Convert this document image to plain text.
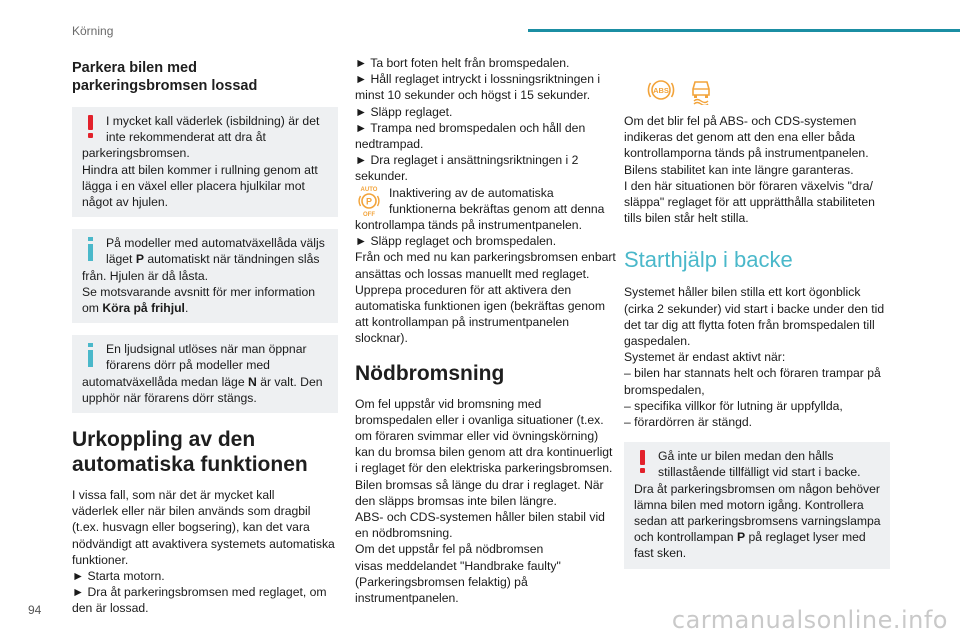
Körning
Parkera bilen med
parkeringsbromsen lossad
I mycket kall väderlek (isbildning) är det
inte rekommenderat att dra åt
parkeringsbromsen.
Hindra att bilen kommer i rullning genom att
lägga i en växel eller placera hjulkilar mot
något av hjulen.
På modeller med automatväxellåda väljs
läget P automatiskt när tändningen slås
från. Hjulen är då låsta.
Se motsvarande avsnitt för mer information
om Köra på frihjul.
En ljudsignal utlöses när man öppnar
förarens dörr på modeller med
automatväxellåda medan läge N är valt. Den
upphör när förarens dörr stängs.
Urkoppling av den
automatiska funktionen
I vissa fall, som när det är mycket kall
väderlek eller när bilen används som dragbil
(t.ex. husvagn eller bogsering), kan det vara
nödvändigt att avaktivera systemets automatiska
funktioner.
► Starta motorn.
► Dra åt parkeringsbromsen med reglaget, om
den är lossad.
► Ta bort foten helt från bromspedalen.
► Håll reglaget intryckt i lossningsriktningen i
minst 10 sekunder och högst i 15 sekunder.
► Släpp reglaget.
► Trampa ned bromspedalen och håll den
nedtrampad.
► Dra reglaget i ansättningsriktningen i 2
sekunder.
AUTO
P
OFF
Inaktivering av de automatiska
funktionerna bekräftas genom att denna
kontrollampa tänds på instrumentpanelen.
► Släpp reglaget och bromspedalen.
Från och med nu kan parkeringsbromsen enbart
ansättas och lossas manuellt med reglaget.
Upprepa proceduren för att aktivera den
automatiska funktionen igen (bekräftas genom
att kontrollampan på instrumentpanelen
slocknar).
Nödbromsning
Om fel uppstår vid bromsning med
bromspedalen eller i ovanliga situationer (t.ex.
om föraren svimmar eller vid övningskörning)
kan du bromsa bilen genom att dra kontinuerligt
i reglaget för den elektriska parkeringsbromsen.
Bilen bromsas så länge du drar i reglaget. När
den släpps bromsas inte bilen längre.
ABS- och CDS-systemen håller bilen stabil vid
en nödbromsning.
Om det uppstår fel på nödbromsen
visas meddelandet "Handbrake faulty"
(Parkeringsbromsen felaktig) på
instrumentpanelen.
ABS
Om det blir fel på ABS- och CDS-systemen
indikeras det genom att den ena eller båda
kontrollamporna tänds på instrumentpanelen.
Bilens stabilitet kan inte längre garanteras.
I den här situationen bör föraren växelvis "dra/
släppa" reglaget för att upprätthålla stabiliteten
tills bilen står helt stilla.
Starthjälp i backe
Systemet håller bilen stilla ett kort ögonblick
(cirka 2 sekunder) vid start i backe under den tid
det tar dig att flytta foten från bromspedalen till
gaspedalen.
Systemet är endast aktivt när:
– bilen har stannats helt och föraren trampar på
bromspedalen,
– specifika villkor för lutning är uppfyllda,
– förardörren är stängd.
Gå inte ur bilen medan den hålls
stillastående tillfälligt vid start i backe.
Dra åt parkeringsbromsen om någon behöver
lämna bilen med motorn igång. Kontrollera
sedan att parkeringsbromsens varningslampa
och kontrollampan P på reglaget lyser med
fast sken.
94	carmanualsonline.info
